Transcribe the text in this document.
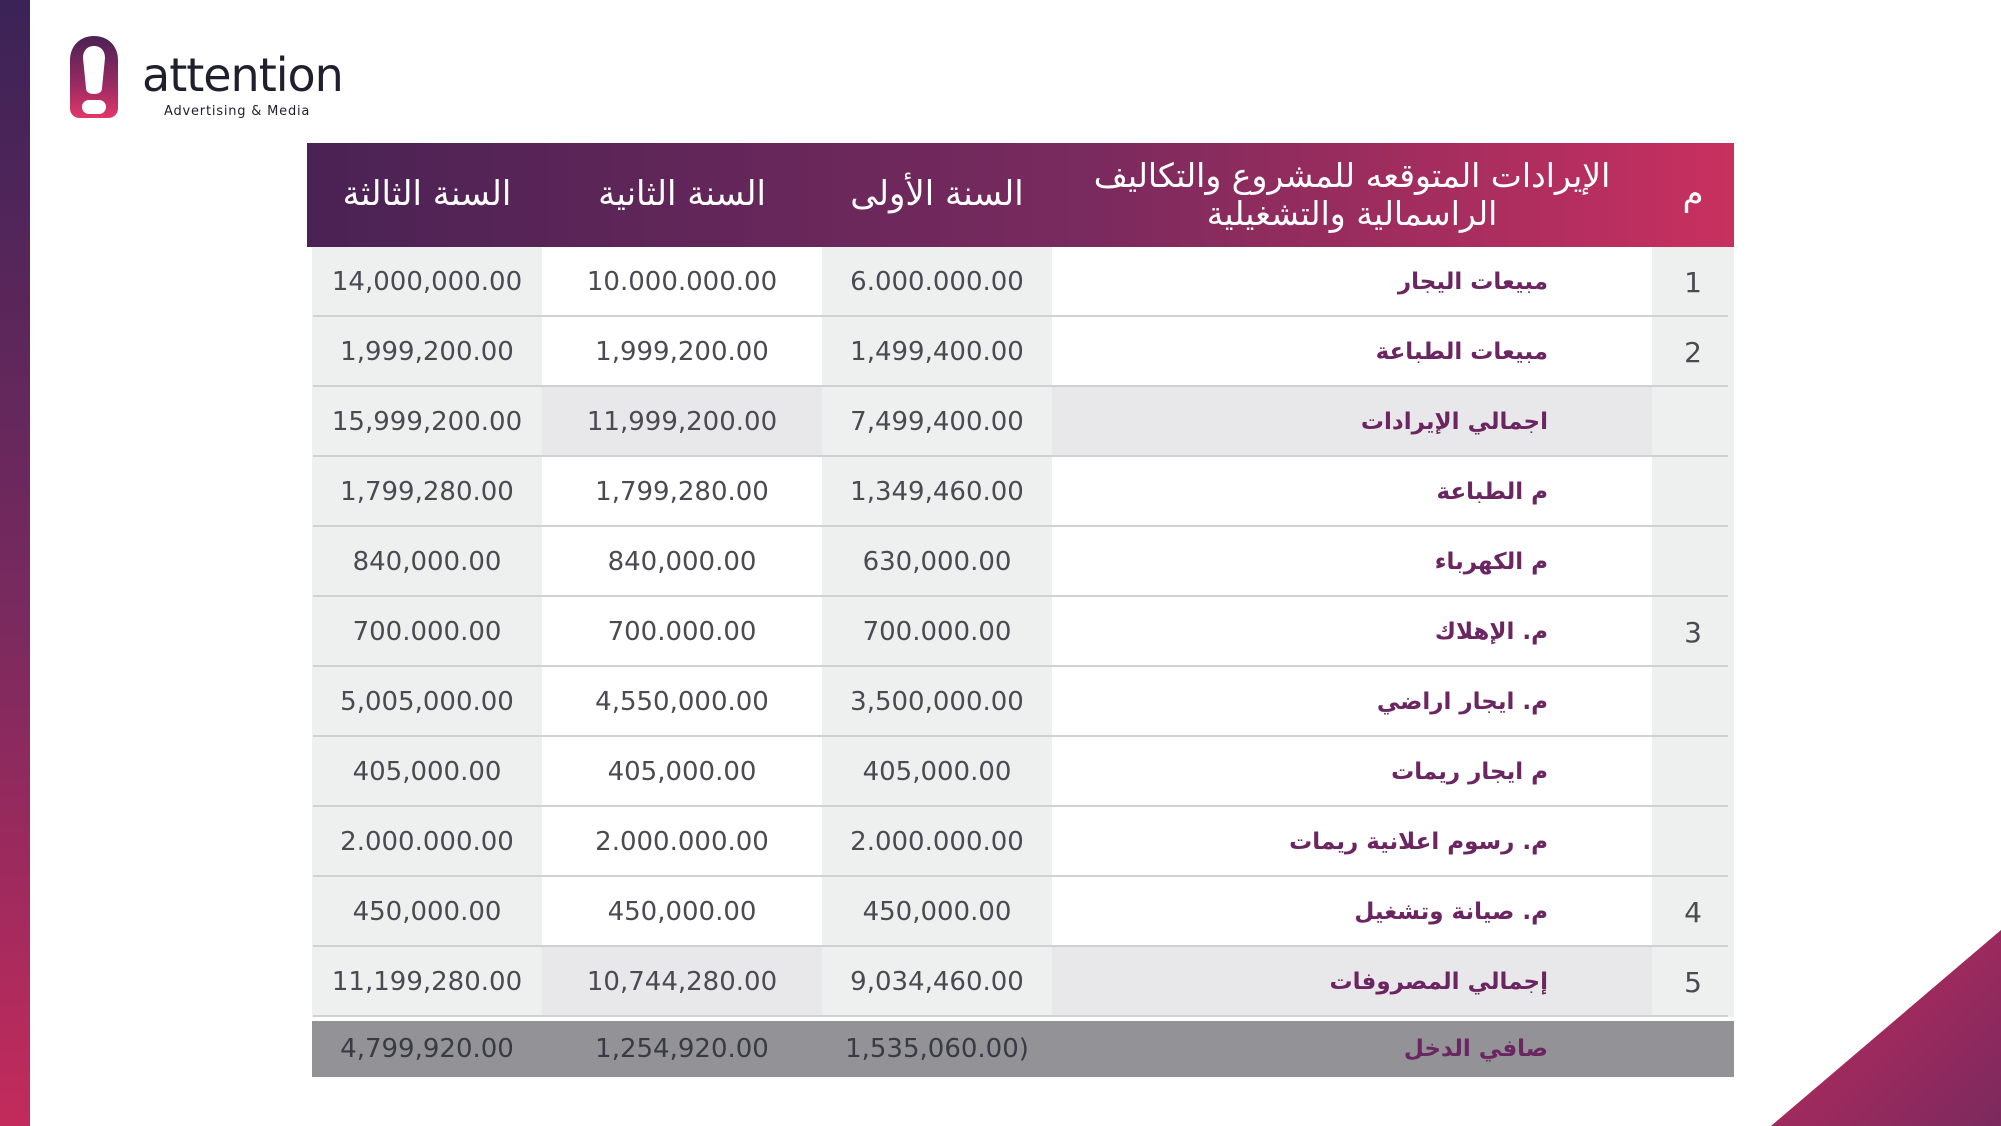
attention
Advertising & Media
السنة الثالثة	السنة الثانية	السنة الأولى	الإيرادات المتوقعه للمشروع والتكاليف الراسمالية والتشغيلية	م
14,000,000.00	10.000.000.00	6.000.000.00	مبيعات اليجار	1
1,999,200.00	1,999,200.00	1,499,400.00	مبيعات الطباعة	2
15,999,200.00	11,999,200.00	7,499,400.00	اجمالي الإيرادات
1,799,280.00	1,799,280.00	1,349,460.00	م الطباعة
840,000.00	840,000.00	630,000.00	م الكهرباء
700.000.00	700.000.00	700.000.00	م. الإهلاك	3
5,005,000.00	4,550,000.00	3,500,000.00	م. ايجار اراضي
405,000.00	405,000.00	405,000.00	م ايجار ريمات
2.000.000.00	2.000.000.00	2.000.000.00	م. رسوم اعلانية ريمات
450,000.00	450,000.00	450,000.00	م. صيانة وتشغيل	4
11,199,280.00	10,744,280.00	9,034,460.00	إجمالي المصروفات	5
4,799,920.00	1,254,920.00	1,535,060.00)	صافي الدخل
